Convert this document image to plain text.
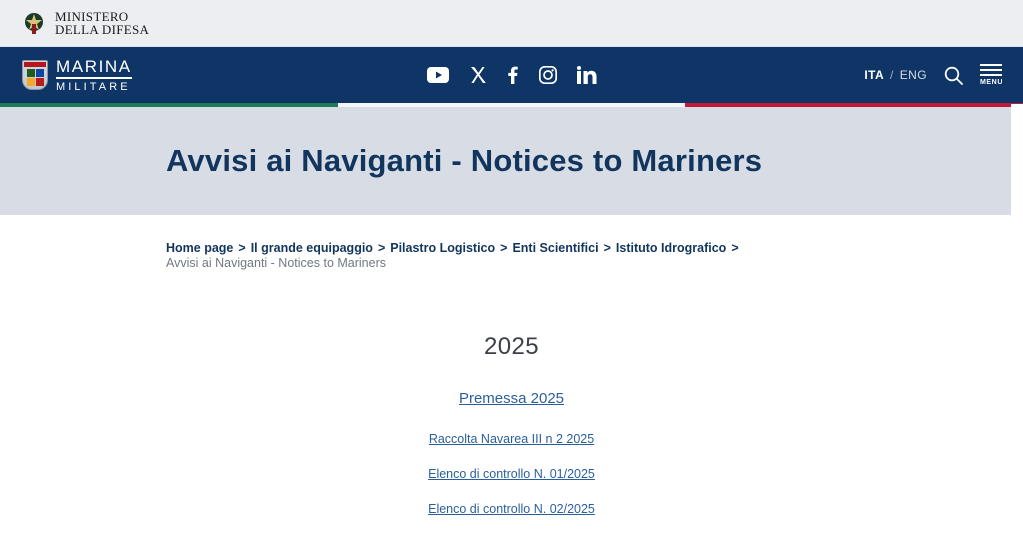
MINISTERO
DELLA DIFESA
MARINA
MILITARE
ITA / ENG
MENU
Avvisi ai Naviganti - Notices to Mariners
Home page > Il grande equipaggio > Pilastro Logistico > Enti Scientifici > Istituto Idrografico >
Avvisi ai Naviganti - Notices to Mariners
2025
Premessa 2025
Raccolta Navarea III n 2 2025
Elenco di controllo N. 01/2025
Elenco di controllo N. 02/2025
